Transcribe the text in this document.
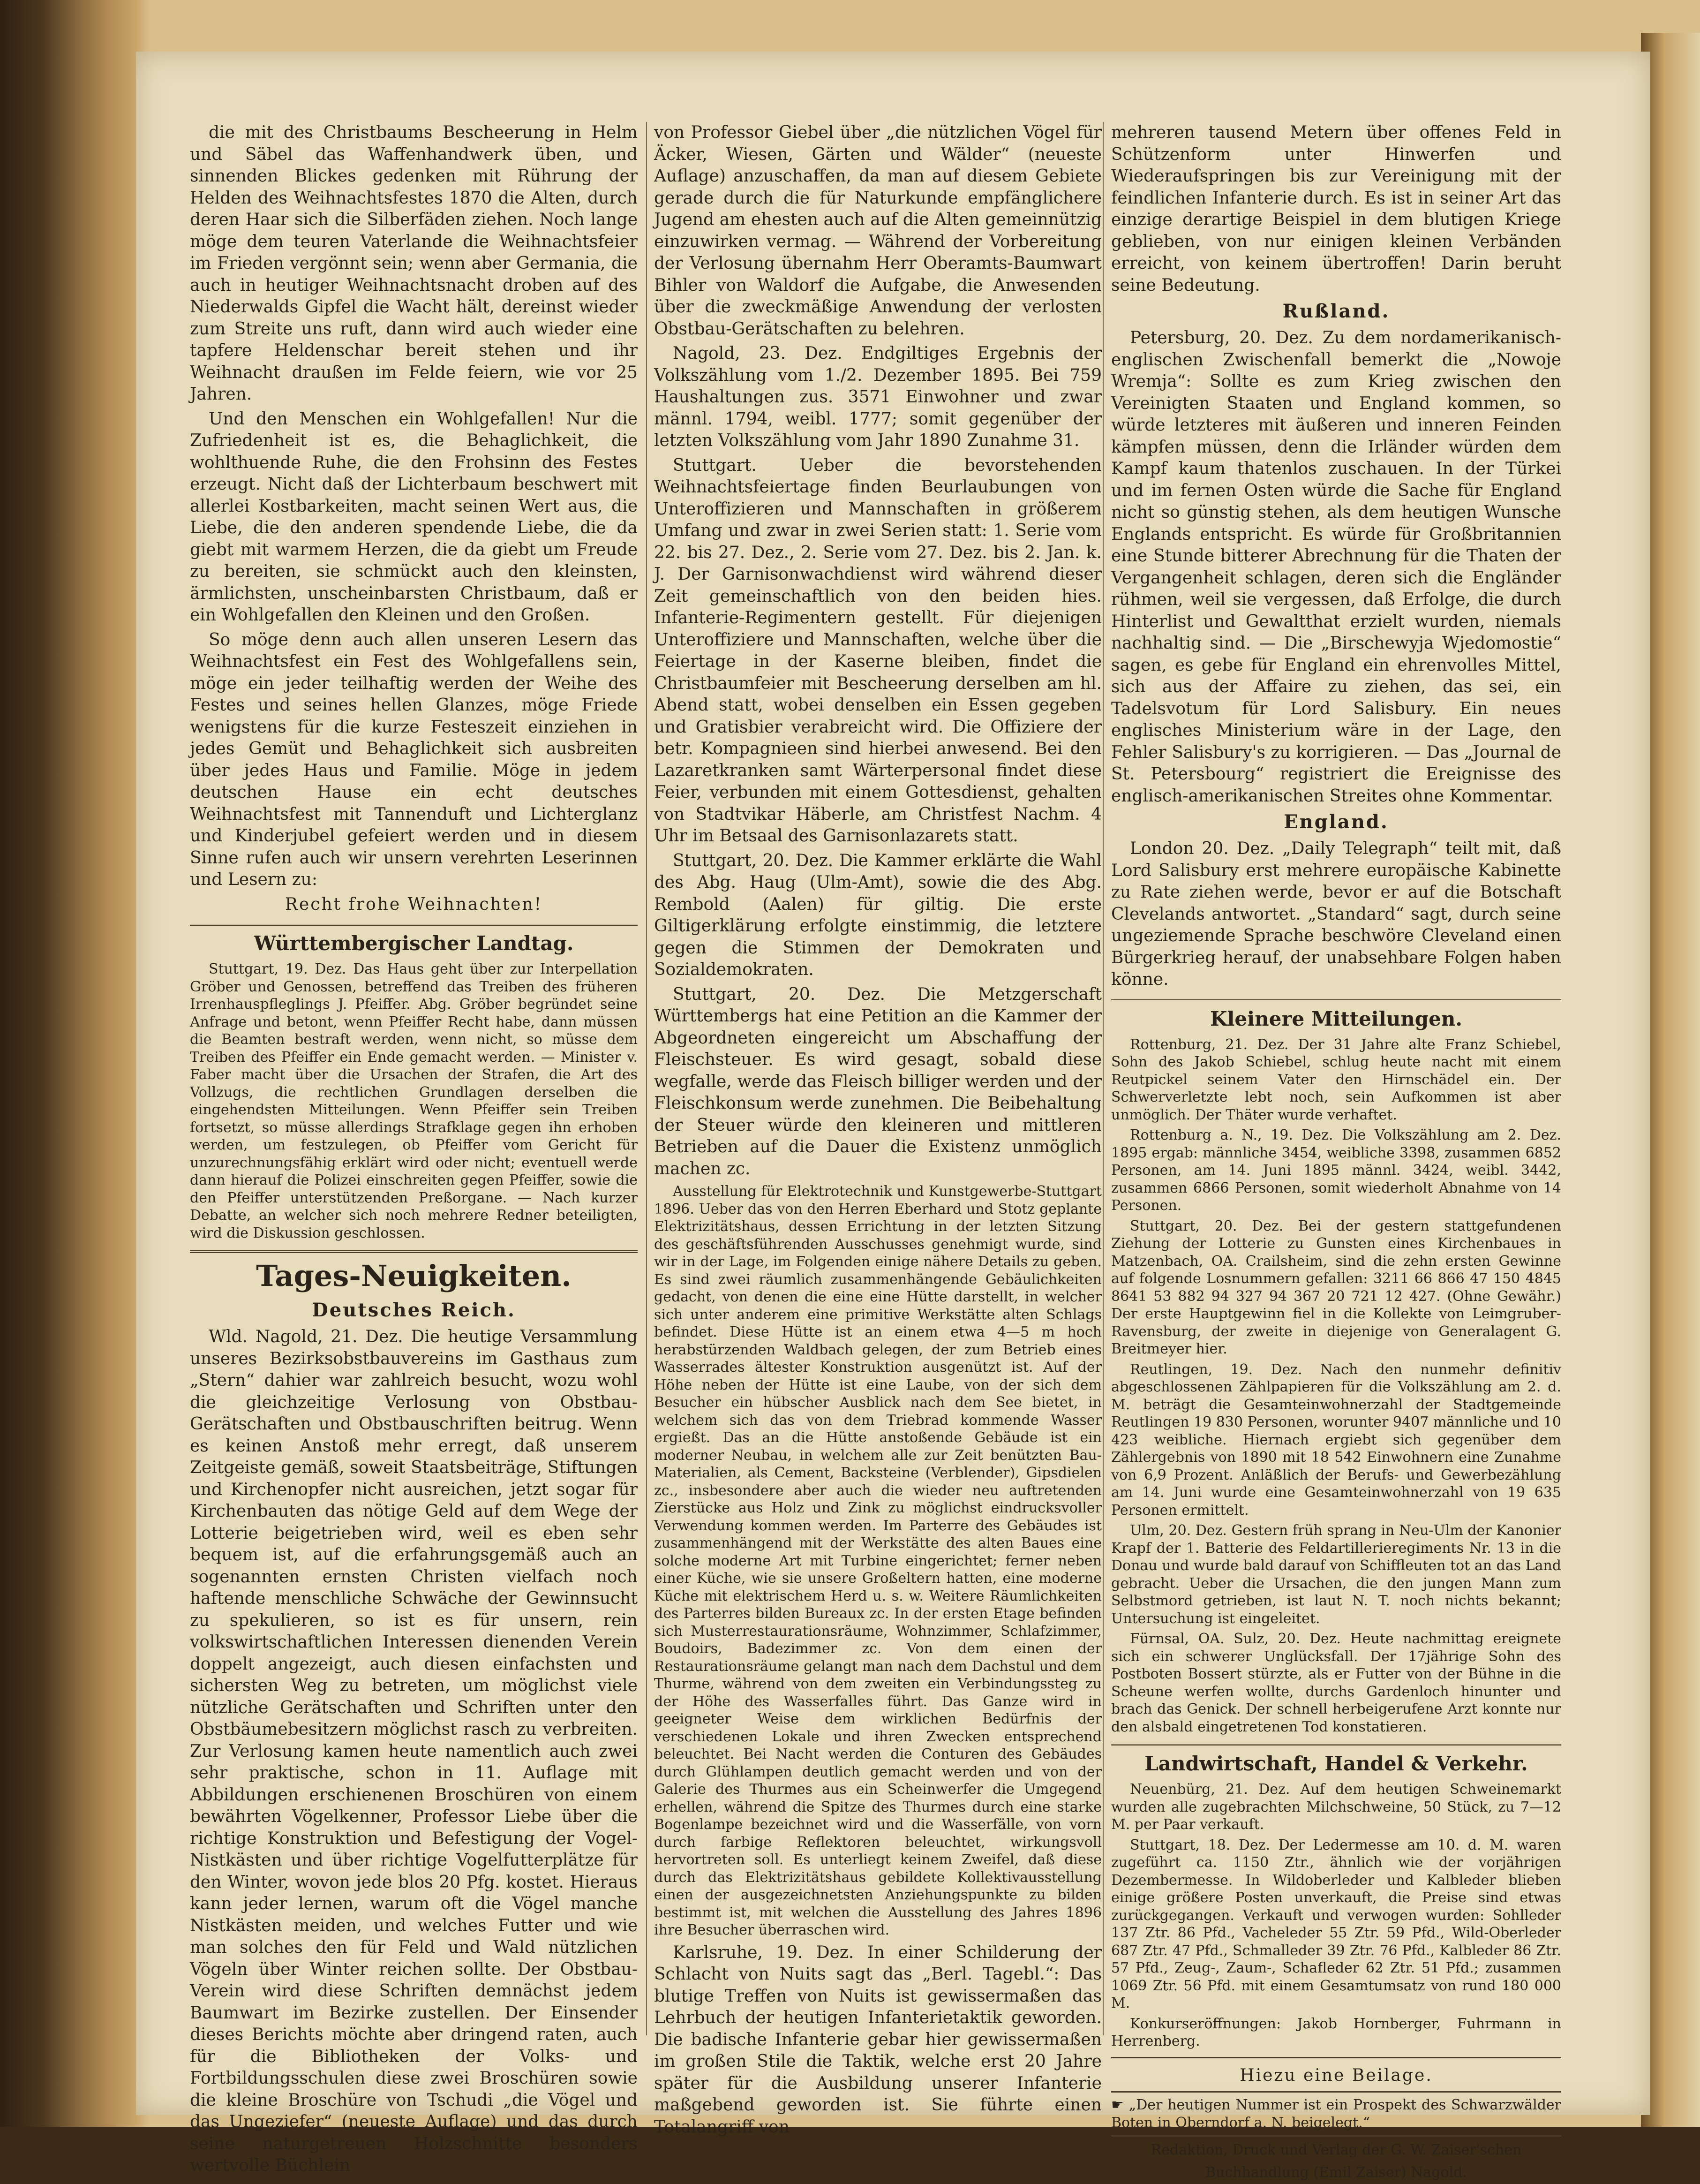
die mit des Christbaums Bescheerung in Helm und Säbel das Waffenhandwerk üben, und sinnenden Blickes gedenken mit Rührung der Helden des Weihnachtsfestes 1870 die Alten, durch deren Haar sich die Silberfäden ziehen. Noch lange möge dem teuren Vaterlande die Weihnachtsfeier im Frieden vergönnt sein; wenn aber Germania, die auch in heutiger Weihnachtsnacht droben auf des Niederwalds Gipfel die Wacht hält, dereinst wieder zum Streite uns ruft, dann wird auch wieder eine tapfere Heldenschar bereit stehen und ihr Weihnacht draußen im Felde feiern, wie vor 25 Jahren.

Und den Menschen ein Wohlgefallen! Nur die Zufriedenheit ist es, die Behaglichkeit, die wohlthuende Ruhe, die den Frohsinn des Festes erzeugt. Nicht daß der Lichterbaum beschwert mit allerlei Kostbarkeiten, macht seinen Wert aus, die Liebe, die den anderen spendende Liebe, die da giebt mit warmem Herzen, die da giebt um Freude zu bereiten, sie schmückt auch den kleinsten, ärmlichsten, unscheinbarsten Christbaum, daß er ein Wohlgefallen den Kleinen und den Großen.

So möge denn auch allen unseren Lesern das Weihnachtsfest ein Fest des Wohlgefallens sein, möge ein jeder teilhaftig werden der Weihe des Festes und seines hellen Glanzes, möge Friede wenigstens für die kurze Festeszeit einziehen in jedes Gemüt und Behaglichkeit sich ausbreiten über jedes Haus und Familie. Möge in jedem deutschen Hause ein echt deutsches Weihnachtsfest mit Tannenduft und Lichterglanz und Kinderjubel gefeiert werden und in diesem Sinne rufen auch wir unsern verehrten Leserinnen und Lesern zu:

Recht frohe Weihnachten!

Württembergischer Landtag.

Stuttgart, 19. Dez. Das Haus geht über zur Interpellation Gröber und Genossen, betreffend das Treiben des früheren Irrenhauspfleglings J. Pfeiffer. Abg. Gröber begründet seine Anfrage und betont, wenn Pfeiffer Recht habe, dann müssen die Beamten bestraft werden, wenn nicht, so müsse dem Treiben des Pfeiffer ein Ende gemacht werden. — Minister v. Faber macht über die Ursachen der Strafen, die Art des Vollzugs, die rechtlichen Grundlagen derselben die eingehendsten Mitteilungen. Wenn Pfeiffer sein Treiben fortsetzt, so müsse allerdings Strafklage gegen ihn erhoben werden, um festzulegen, ob Pfeiffer vom Gericht für unzurechnungsfähig erklärt wird oder nicht; eventuell werde dann hierauf die Polizei einschreiten gegen Pfeiffer, sowie die den Pfeiffer unterstützenden Preßorgane. — Nach kurzer Debatte, an welcher sich noch mehrere Redner beteiligten, wird die Diskussion geschlossen.

Tages-Neuigkeiten.
Deutsches Reich.

Wld. Nagold, 21. Dez. Die heutige Versammlung unseres Bezirksobstbauvereins im Gasthaus zum „Stern“ dahier war zahlreich besucht, wozu wohl die gleichzeitige Verlosung von Obstbau-Gerätschaften und Obstbauschriften beitrug. Wenn es keinen Anstoß mehr erregt, daß unserem Zeitgeiste gemäß, soweit Staatsbeiträge, Stiftungen und Kirchenopfer nicht ausreichen, jetzt sogar für Kirchenbauten das nötige Geld auf dem Wege der Lotterie beigetrieben wird, weil es eben sehr bequem ist, auf die erfahrungsgemäß auch an sogenannten ernsten Christen vielfach noch haftende menschliche Schwäche der Gewinnsucht zu spekulieren, so ist es für unsern, rein volkswirtschaftlichen Interessen dienenden Verein doppelt angezeigt, auch diesen einfachsten und sichersten Weg zu betreten, um möglichst viele nützliche Gerätschaften und Schriften unter den Obstbäumebesitzern möglichst rasch zu verbreiten. Zur Verlosung kamen heute namentlich auch zwei sehr praktische, schon in 11. Auflage mit Abbildungen erschienenen Broschüren von einem bewährten Vögelkenner, Professor Liebe über die richtige Konstruktion und Befestigung der Vogel-Nistkästen und über richtige Vogelfutterplätze für den Winter, wovon jede blos 20 Pfg. kostet. Hieraus kann jeder lernen, warum oft die Vögel manche Nistkästen meiden, und welches Futter und wie man solches den für Feld und Wald nützlichen Vögeln über Winter reichen sollte. Der Obstbau-Verein wird diese Schriften demnächst jedem Baumwart im Bezirke zustellen. Der Einsender dieses Berichts möchte aber dringend raten, auch für die Bibliotheken der Volks- und Fortbildungsschulen diese zwei Broschüren sowie die kleine Broschüre von Tschudi „die Vögel und das Ungeziefer“ (neueste Auflage) und das durch seine naturgetreuen Holzschnitte besonders wertvolle Büchlein

von Professor Giebel über „die nützlichen Vögel für Äcker, Wiesen, Gärten und Wälder“ (neueste Auflage) anzuschaffen, da man auf diesem Gebiete gerade durch die für Naturkunde empfänglichere Jugend am ehesten auch auf die Alten gemeinnützig einzuwirken vermag. — Während der Vorbereitung der Verlosung übernahm Herr Oberamts-Baumwart Bihler von Waldorf die Aufgabe, die Anwesenden über die zweckmäßige Anwendung der verlosten Obstbau-Gerätschaften zu belehren.

Nagold, 23. Dez. Endgiltiges Ergebnis der Volkszählung vom 1./2. Dezember 1895. Bei 759 Haushaltungen zus. 3571 Einwohner und zwar männl. 1794, weibl. 1777; somit gegenüber der letzten Volkszählung vom Jahr 1890 Zunahme 31.

Stuttgart. Ueber die bevorstehenden Weihnachtsfeiertage finden Beurlaubungen von Unteroffizieren und Mannschaften in größerem Umfang und zwar in zwei Serien statt: 1. Serie vom 22. bis 27. Dez., 2. Serie vom 27. Dez. bis 2. Jan. k. J. Der Garnisonwachdienst wird während dieser Zeit gemeinschaftlich von den beiden hies. Infanterie-Regimentern gestellt. Für diejenigen Unteroffiziere und Mannschaften, welche über die Feiertage in der Kaserne bleiben, findet die Christbaumfeier mit Bescheerung derselben am hl. Abend statt, wobei denselben ein Essen gegeben und Gratisbier verabreicht wird. Die Offiziere der betr. Kompagnieen sind hierbei anwesend. Bei den Lazaretkranken samt Wärterpersonal findet diese Feier, verbunden mit einem Gottesdienst, gehalten von Stadtvikar Häberle, am Christfest Nachm. 4 Uhr im Betsaal des Garnisonlazarets statt.

Stuttgart, 20. Dez. Die Kammer erklärte die Wahl des Abg. Haug (Ulm-Amt), sowie die des Abg. Rembold (Aalen) für giltig. Die erste Giltigerklärung erfolgte einstimmig, die letztere gegen die Stimmen der Demokraten und Sozialdemokraten.

Stuttgart, 20. Dez. Die Metzgerschaft Württembergs hat eine Petition an die Kammer der Abgeordneten eingereicht um Abschaffung der Fleischsteuer. Es wird gesagt, sobald diese wegfalle, werde das Fleisch billiger werden und der Fleischkonsum werde zunehmen. Die Beibehaltung der Steuer würde den kleineren und mittleren Betrieben auf die Dauer die Existenz unmöglich machen zc.

Ausstellung für Elektrotechnik und Kunstgewerbe-Stuttgart 1896. Ueber das von den Herren Eberhard und Stotz geplante Elektrizitätshaus, dessen Errichtung in der letzten Sitzung des geschäftsführenden Ausschusses genehmigt wurde, sind wir in der Lage, im Folgenden einige nähere Details zu geben. Es sind zwei räumlich zusammenhängende Gebäulichkeiten gedacht, von denen die eine eine Hütte darstellt, in welcher sich unter anderem eine primitive Werkstätte alten Schlags befindet. Diese Hütte ist an einem etwa 4—5 m hoch herabstürzenden Waldbach gelegen, der zum Betrieb eines Wasserrades ältester Konstruktion ausgenützt ist. Auf der Höhe neben der Hütte ist eine Laube, von der sich dem Besucher ein hübscher Ausblick nach dem See bietet, in welchem sich das von dem Triebrad kommende Wasser ergießt. Das an die Hütte anstoßende Gebäude ist ein moderner Neubau, in welchem alle zur Zeit benützten Bau-Materialien, als Cement, Backsteine (Verblender), Gipsdielen zc., insbesondere aber auch die wieder neu auftretenden Zierstücke aus Holz und Zink zu möglichst eindrucksvoller Verwendung kommen werden. Im Parterre des Gebäudes ist zusammenhängend mit der Werkstätte des alten Baues eine solche moderne Art mit Turbine eingerichtet; ferner neben einer Küche, wie sie unsere Großeltern hatten, eine moderne Küche mit elektrischem Herd u. s. w. Weitere Räumlichkeiten des Parterres bilden Bureaux zc. In der ersten Etage befinden sich Musterrestaurationsräume, Wohnzimmer, Schlafzimmer, Boudoirs, Badezimmer zc. Von dem einen der Restaurationsräume gelangt man nach dem Dachstul und dem Thurme, während von dem zweiten ein Verbindungssteg zu der Höhe des Wasserfalles führt. Das Ganze wird in geeigneter Weise dem wirklichen Bedürfnis der verschiedenen Lokale und ihren Zwecken entsprechend beleuchtet. Bei Nacht werden die Conturen des Gebäudes durch Glühlampen deutlich gemacht werden und von der Galerie des Thurmes aus ein Scheinwerfer die Umgegend erhellen, während die Spitze des Thurmes durch eine starke Bogenlampe bezeichnet wird und die Wasserfälle, von vorn durch farbige Reflektoren beleuchtet, wirkungsvoll hervortreten soll. Es unterliegt keinem Zweifel, daß diese durch das Elektrizitätshaus gebildete Kollektivausstellung einen der ausgezeichnetsten Anziehungspunkte zu bilden bestimmt ist, mit welchen die Ausstellung des Jahres 1896 ihre Besucher überraschen wird.

Karlsruhe, 19. Dez. In einer Schilderung der Schlacht von Nuits sagt das „Berl. Tagebl.“: Das blutige Treffen von Nuits ist gewissermaßen das Lehrbuch der heutigen Infanterietaktik geworden. Die badische Infanterie gebar hier gewissermaßen im großen Stile die Taktik, welche erst 20 Jahre später für die Ausbildung unserer Infanterie maßgebend geworden ist. Sie führte einen Totalangriff von

mehreren tausend Metern über offenes Feld in Schützenform unter Hinwerfen und Wiederaufspringen bis zur Vereinigung mit der feindlichen Infanterie durch. Es ist in seiner Art das einzige derartige Beispiel in dem blutigen Kriege geblieben, von nur einigen kleinen Verbänden erreicht, von keinem übertroffen! Darin beruht seine Bedeutung.

Rußland.

Petersburg, 20. Dez. Zu dem nordamerikanisch-englischen Zwischenfall bemerkt die „Nowoje Wremja“: Sollte es zum Krieg zwischen den Vereinigten Staaten und England kommen, so würde letzteres mit äußeren und inneren Feinden kämpfen müssen, denn die Irländer würden dem Kampf kaum thatenlos zuschauen. In der Türkei und im fernen Osten würde die Sache für England nicht so günstig stehen, als dem heutigen Wunsche Englands entspricht. Es würde für Großbritannien eine Stunde bitterer Abrechnung für die Thaten der Vergangenheit schlagen, deren sich die Engländer rühmen, weil sie vergessen, daß Erfolge, die durch Hinterlist und Gewaltthat erzielt wurden, niemals nachhaltig sind. — Die „Birschewyja Wjedomostie“ sagen, es gebe für England ein ehrenvolles Mittel, sich aus der Affaire zu ziehen, das sei, ein Tadelsvotum für Lord Salisbury. Ein neues englisches Ministerium wäre in der Lage, den Fehler Salisbury's zu korrigieren. — Das „Journal de St. Petersbourg“ registriert die Ereignisse des englisch-amerikanischen Streites ohne Kommentar.

England.

London 20. Dez. „Daily Telegraph“ teilt mit, daß Lord Salisbury erst mehrere europäische Kabinette zu Rate ziehen werde, bevor er auf die Botschaft Clevelands antwortet. „Standard“ sagt, durch seine ungeziemende Sprache beschwöre Cleveland einen Bürgerkrieg herauf, der unabsehbare Folgen haben könne.

Kleinere Mitteilungen.

Rottenburg, 21. Dez. Der 31 Jahre alte Franz Schiebel, Sohn des Jakob Schiebel, schlug heute nacht mit einem Reutpickel seinem Vater den Hirnschädel ein. Der Schwerverletzte lebt noch, sein Aufkommen ist aber unmöglich. Der Thäter wurde verhaftet.

Rottenburg a. N., 19. Dez. Die Volkszählung am 2. Dez. 1895 ergab: männliche 3454, weibliche 3398, zusammen 6852 Personen, am 14. Juni 1895 männl. 3424, weibl. 3442, zusammen 6866 Personen, somit wiederholt Abnahme von 14 Personen.

Stuttgart, 20. Dez. Bei der gestern stattgefundenen Ziehung der Lotterie zu Gunsten eines Kirchenbaues in Matzenbach, OA. Crailsheim, sind die zehn ersten Gewinne auf folgende Losnummern gefallen: 3211 66 866 47 150 4845 8641 53 882 94 327 94 367 20 721 12 427. (Ohne Gewähr.) Der erste Hauptgewinn fiel in die Kollekte von Leimgruber-Ravensburg, der zweite in diejenige von Generalagent G. Breitmeyer hier.

Reutlingen, 19. Dez. Nach den nunmehr definitiv abgeschlossenen Zählpapieren für die Volkszählung am 2. d. M. beträgt die Gesamteinwohnerzahl der Stadtgemeinde Reutlingen 19 830 Personen, worunter 9407 männliche und 10 423 weibliche. Hiernach ergiebt sich gegenüber dem Zählergebnis von 1890 mit 18 542 Einwohnern eine Zunahme von 6,9 Prozent. Anläßlich der Berufs- und Gewerbezählung am 14. Juni wurde eine Gesamteinwohnerzahl von 19 635 Personen ermittelt.

Ulm, 20. Dez. Gestern früh sprang in Neu-Ulm der Kanonier Krapf der 1. Batterie des Feldartillerieregiments Nr. 13 in die Donau und wurde bald darauf von Schiffleuten tot an das Land gebracht. Ueber die Ursachen, die den jungen Mann zum Selbstmord getrieben, ist laut N. T. noch nichts bekannt; Untersuchung ist eingeleitet.

Fürnsal, OA. Sulz, 20. Dez. Heute nachmittag ereignete sich ein schwerer Unglücksfall. Der 17jährige Sohn des Postboten Bossert stürzte, als er Futter von der Bühne in die Scheune werfen wollte, durchs Gardenloch hinunter und brach das Genick. Der schnell herbeigerufene Arzt konnte nur den alsbald eingetretenen Tod konstatieren.

Landwirtschaft, Handel & Verkehr.

Neuenbürg, 21. Dez. Auf dem heutigen Schweinemarkt wurden alle zugebrachten Milchschweine, 50 Stück, zu 7—12 M. per Paar verkauft.

Stuttgart, 18. Dez. Der Ledermesse am 10. d. M. waren zugeführt ca. 1150 Ztr., ähnlich wie der vorjährigen Dezembermesse. In Wildoberleder und Kalbleder blieben einige größere Posten unverkauft, die Preise sind etwas zurückgegangen. Verkauft und verwogen wurden: Sohlleder 137 Ztr. 86 Pfd., Vacheleder 55 Ztr. 59 Pfd., Wild-Oberleder 687 Ztr. 47 Pfd., Schmalleder 39 Ztr. 76 Pfd., Kalbleder 86 Ztr. 57 Pfd., Zeug-, Zaum-, Schafleder 62 Ztr. 51 Pfd.; zusammen 1069 Ztr. 56 Pfd. mit einem Gesamtumsatz von rund 180 000 M.

Konkurseröffnungen: Jakob Hornberger, Fuhrmann in Herrenberg.

Hiezu eine Beilage.

☛ „Der heutigen Nummer ist ein Prospekt des Schwarzwälder Boten in Oberndorf a. N. beigelegt.“

Redaktion, Druck und Verlag der G. W. Zaiser'schen

Buchhandlung (Emil Zaiser) Nagold.
